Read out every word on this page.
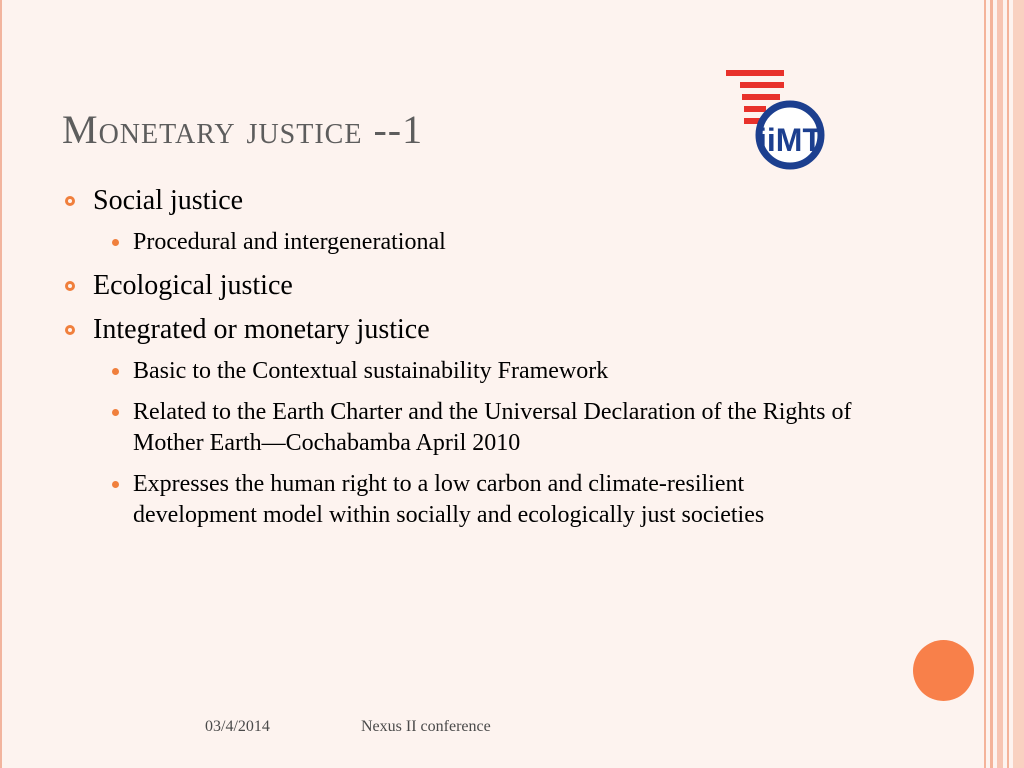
Monetary justice --1	iiMT
Social justice
Procedural and intergenerational
Ecological justice
Integrated or monetary justice
Basic to the Contextual sustainability Framework
Related to the Earth Charter and the Universal Declaration of the Rights of Mother Earth—Cochabamba April 2010
Expresses the human right to a low carbon and climate-resilient development model within socially and ecologically just societies
03/4/2014	Nexus II conference
